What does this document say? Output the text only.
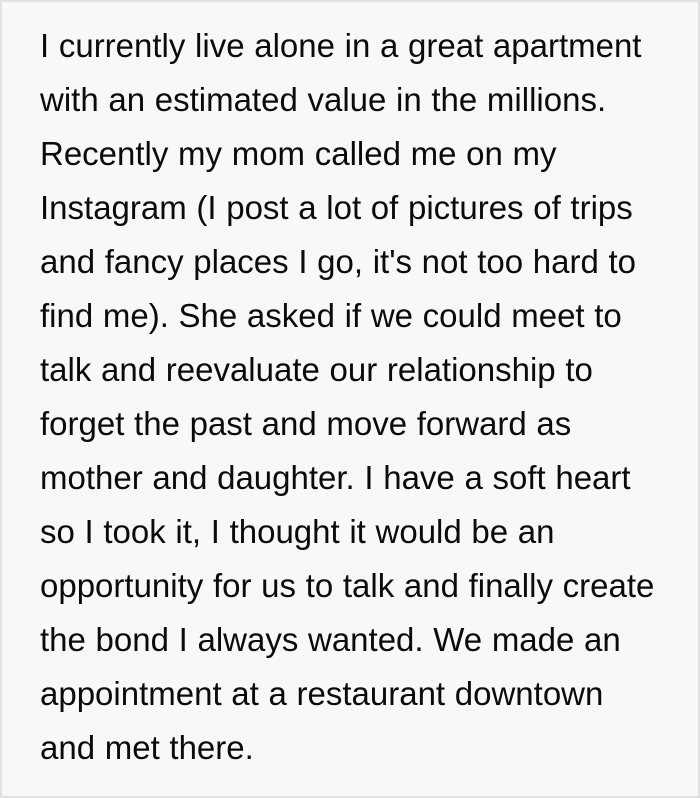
I currently live alone in a great apartment with an estimated value in the millions. Recently my mom called me on my Instagram (I post a lot of pictures of trips and fancy places I go, it's not too hard to find me). She asked if we could meet to talk and reevaluate our relationship to forget the past and move forward as mother and daughter. I have a soft heart so I took it, I thought it would be an opportunity for us to talk and finally create the bond I always wanted. We made an appointment at a restaurant downtown and met there.
